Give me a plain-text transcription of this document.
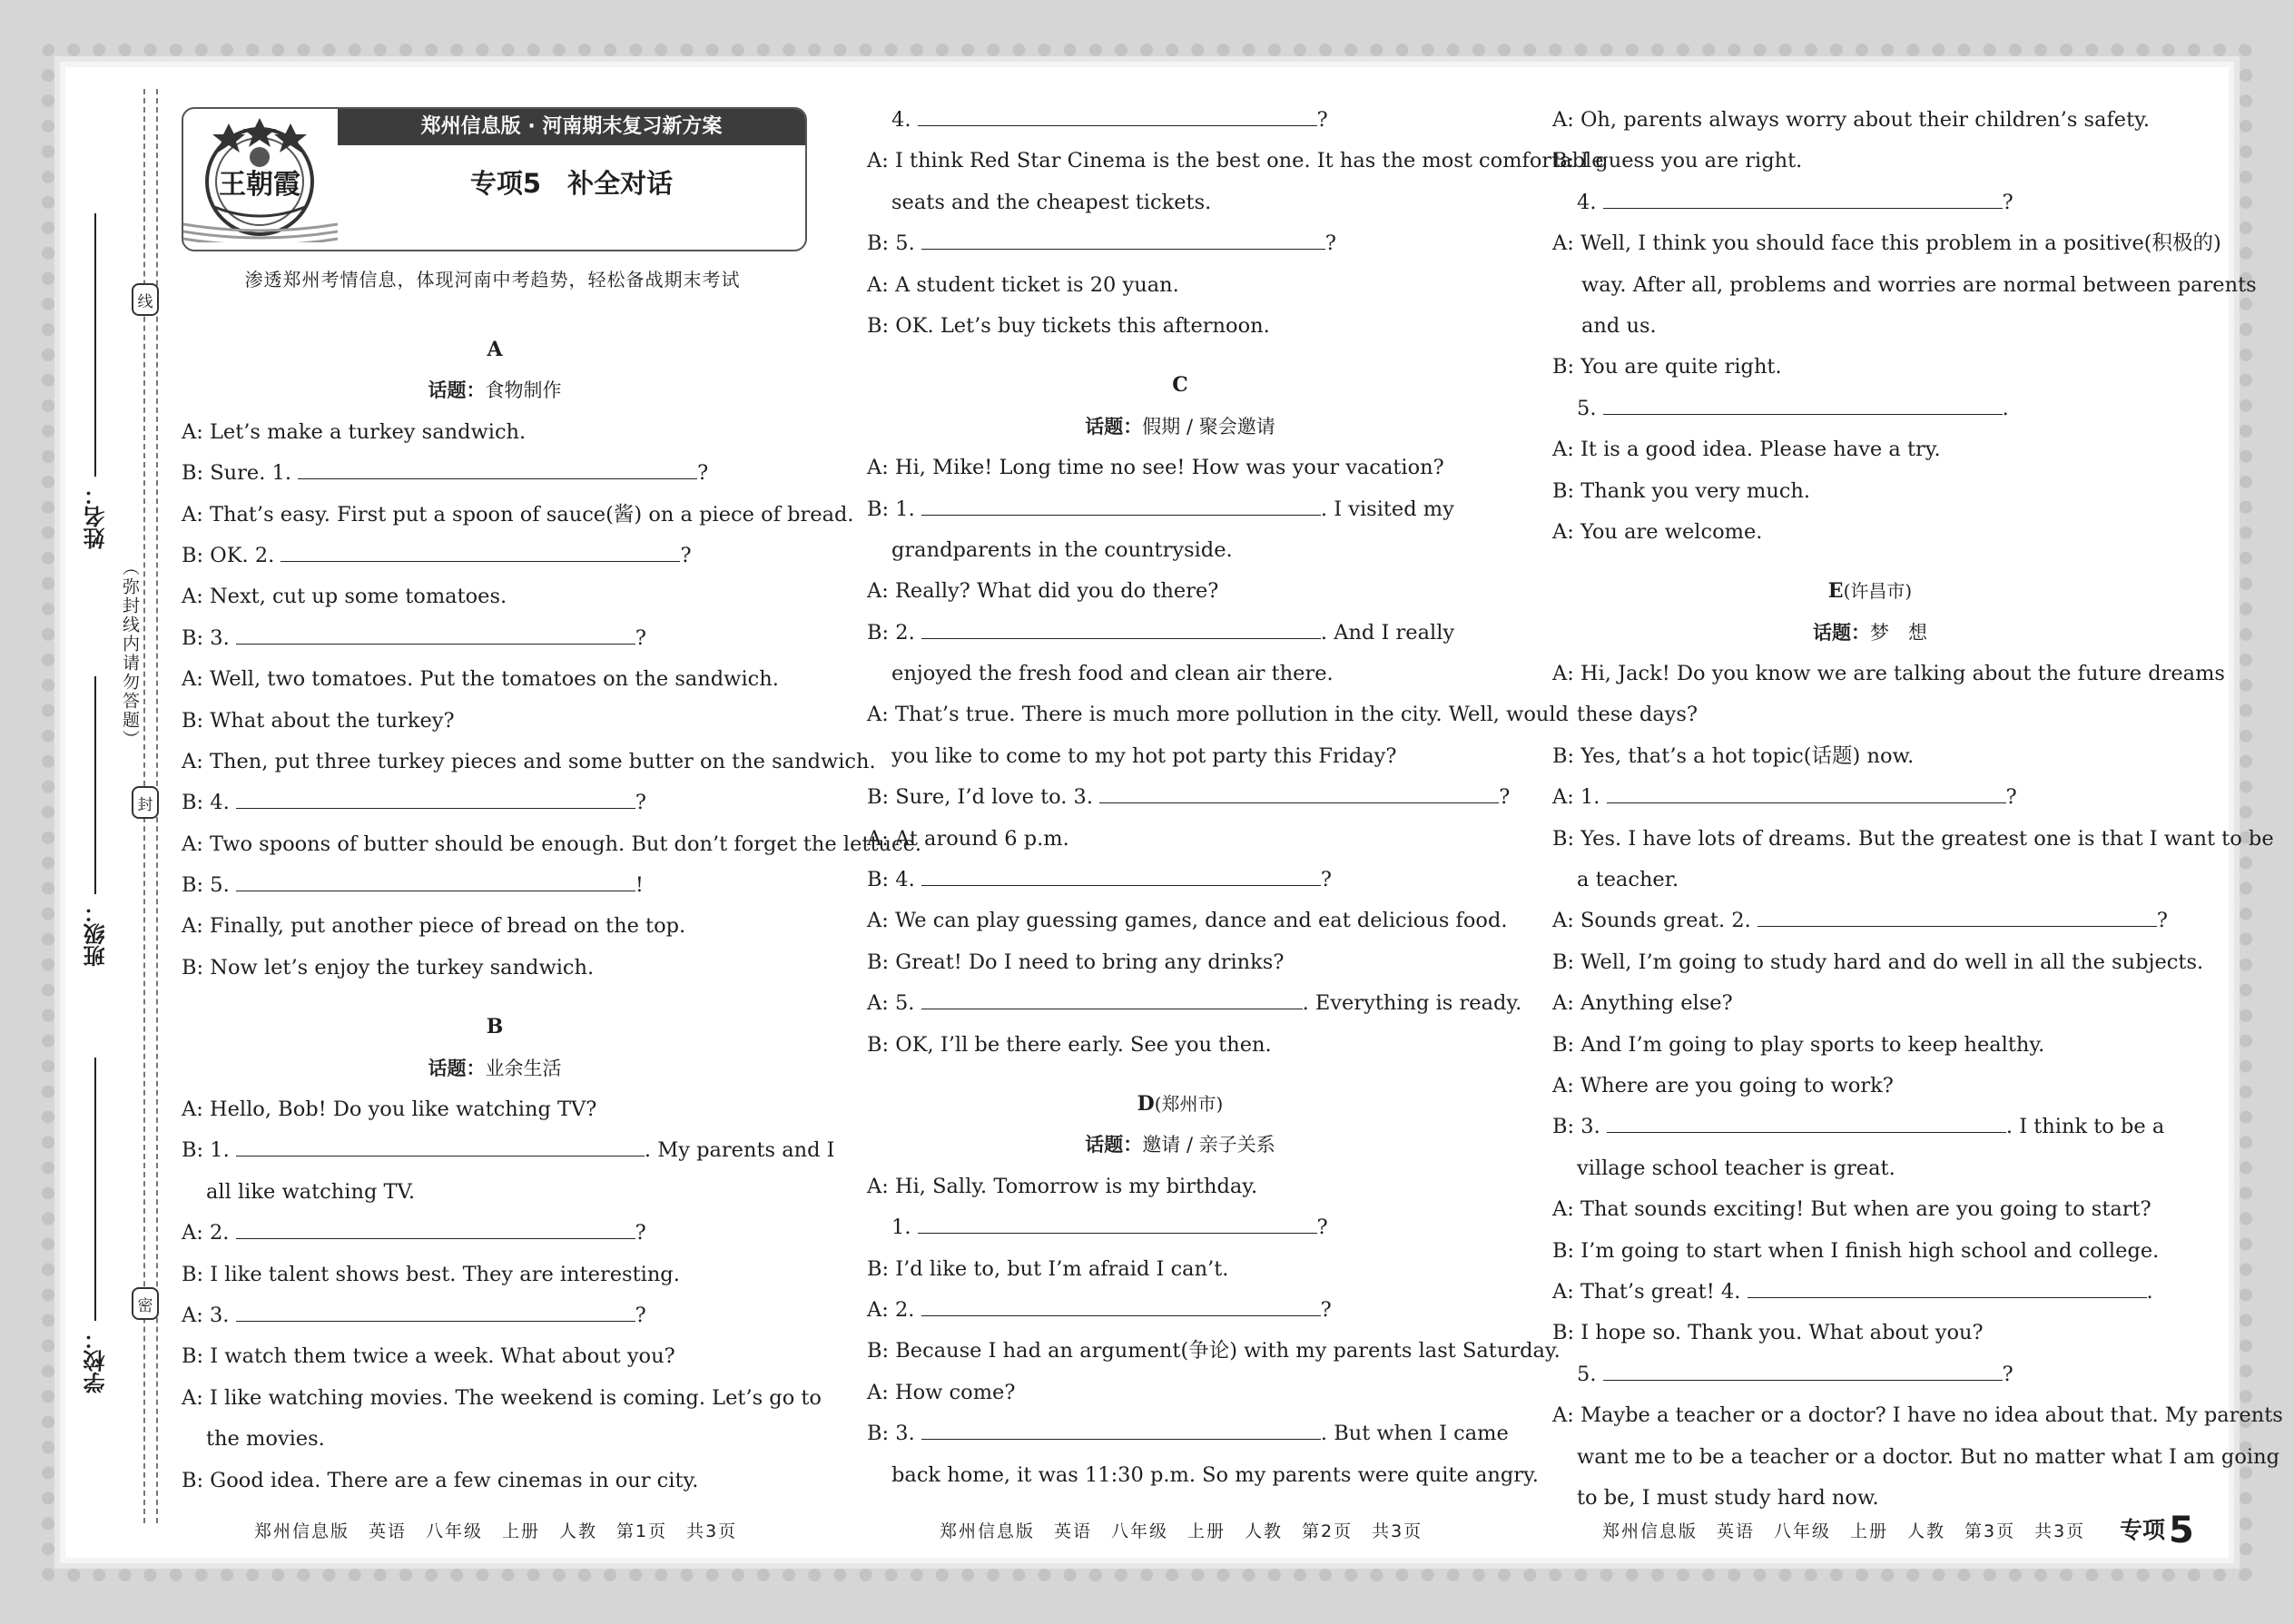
姓名：
班级：
学校：
线
封
密
（弥封线内请勿答题）
王朝霞
郑州信息版 · 河南期末复习新方案
专项5　补全对话
渗透郑州考情信息，体现河南中考趋势，轻松备战期末考试
A
话题：食物制作
A: Let’s make a turkey sandwich.
B: Sure. 1.	?
A: That’s easy. First put a spoon of sauce(酱) on a piece of bread.
B: OK. 2.	?
A: Next, cut up some tomatoes.
B: 3.	?
A: Well, two tomatoes. Put the tomatoes on the sandwich.
B: What about the turkey?
A: Then, put three turkey pieces and some butter on the sandwich.
B: 4.	?
A: Two spoons of butter should be enough. But don’t forget the lettuce.
B: 5.	!
A: Finally, put another piece of bread on the top.
B: Now let’s enjoy the turkey sandwich.
B
话题：业余生活
A: Hello, Bob! Do you like watching TV?
B: 1.	. My parents and I
all like watching TV.
A: 2.	?
B: I like talent shows best. They are interesting.
A: 3.	?
B: I watch them twice a week. What about you?
A: I like watching movies. The weekend is coming. Let’s go to
the movies.
B: Good idea. There are a few cinemas in our city.
4.	?
A: I think Red Star Cinema is the best one. It has the most comfortable
seats and the cheapest tickets.
B: 5.	?
A: A student ticket is 20 yuan.
B: OK. Let’s buy tickets this afternoon.
C
话题：假期 / 聚会邀请
A: Hi, Mike! Long time no see! How was your vacation?
B: 1.	. I visited my
grandparents in the countryside.
A: Really? What did you do there?
B: 2.	. And I really
enjoyed the fresh food and clean air there.
A: That’s true. There is much more pollution in the city. Well, would
you like to come to my hot pot party this Friday?
B: Sure, I’d love to. 3.	?
A: At around 6 p.m.
B: 4.	?
A: We can play guessing games, dance and eat delicious food.
B: Great! Do I need to bring any drinks?
A: 5.	. Everything is ready.
B: OK, I’ll be there early. See you then.
D(郑州市)
话题：邀请 / 亲子关系
A: Hi, Sally. Tomorrow is my birthday.
1.	?
B: I’d like to, but I’m afraid I can’t.
A: 2.	?
B: Because I had an argument(争论) with my parents last Saturday.
A: How come?
B: 3.	. But when I came
back home, it was 11:30 p.m. So my parents were quite angry.
A: Oh, parents always worry about their children’s safety.
B: I guess you are right.
4.	?
A: Well, I think you should face this problem in a positive(积极的)
way. After all, problems and worries are normal between parents
and us.
B: You are quite right.
5.	.
A: It is a good idea. Please have a try.
B: Thank you very much.
A: You are welcome.
E(许昌市)
话题：梦　想
A: Hi, Jack! Do you know we are talking about the future dreams
these days?
B: Yes, that’s a hot topic(话题) now.
A: 1.	?
B: Yes. I have lots of dreams. But the greatest one is that I want to be
a teacher.
A: Sounds great. 2.	?
B: Well, I’m going to study hard and do well in all the subjects.
A: Anything else?
B: And I’m going to play sports to keep healthy.
A: Where are you going to work?
B: 3.	. I think to be a
village school teacher is great.
A: That sounds exciting! But when are you going to start?
B: I’m going to start when I finish high school and college.
A: That’s great! 4.	.
B: I hope so. Thank you. What about you?
5.	?
A: Maybe a teacher or a doctor? I have no idea about that. My parents
want me to be a teacher or a doctor. But no matter what I am going
to be, I must study hard now.
郑州信息版　英语　八年级　上册　人教　第1页　共3页	郑州信息版　英语　八年级　上册　人教　第2页　共3页	郑州信息版　英语　八年级　上册　人教　第3页　共3页 专项 5
